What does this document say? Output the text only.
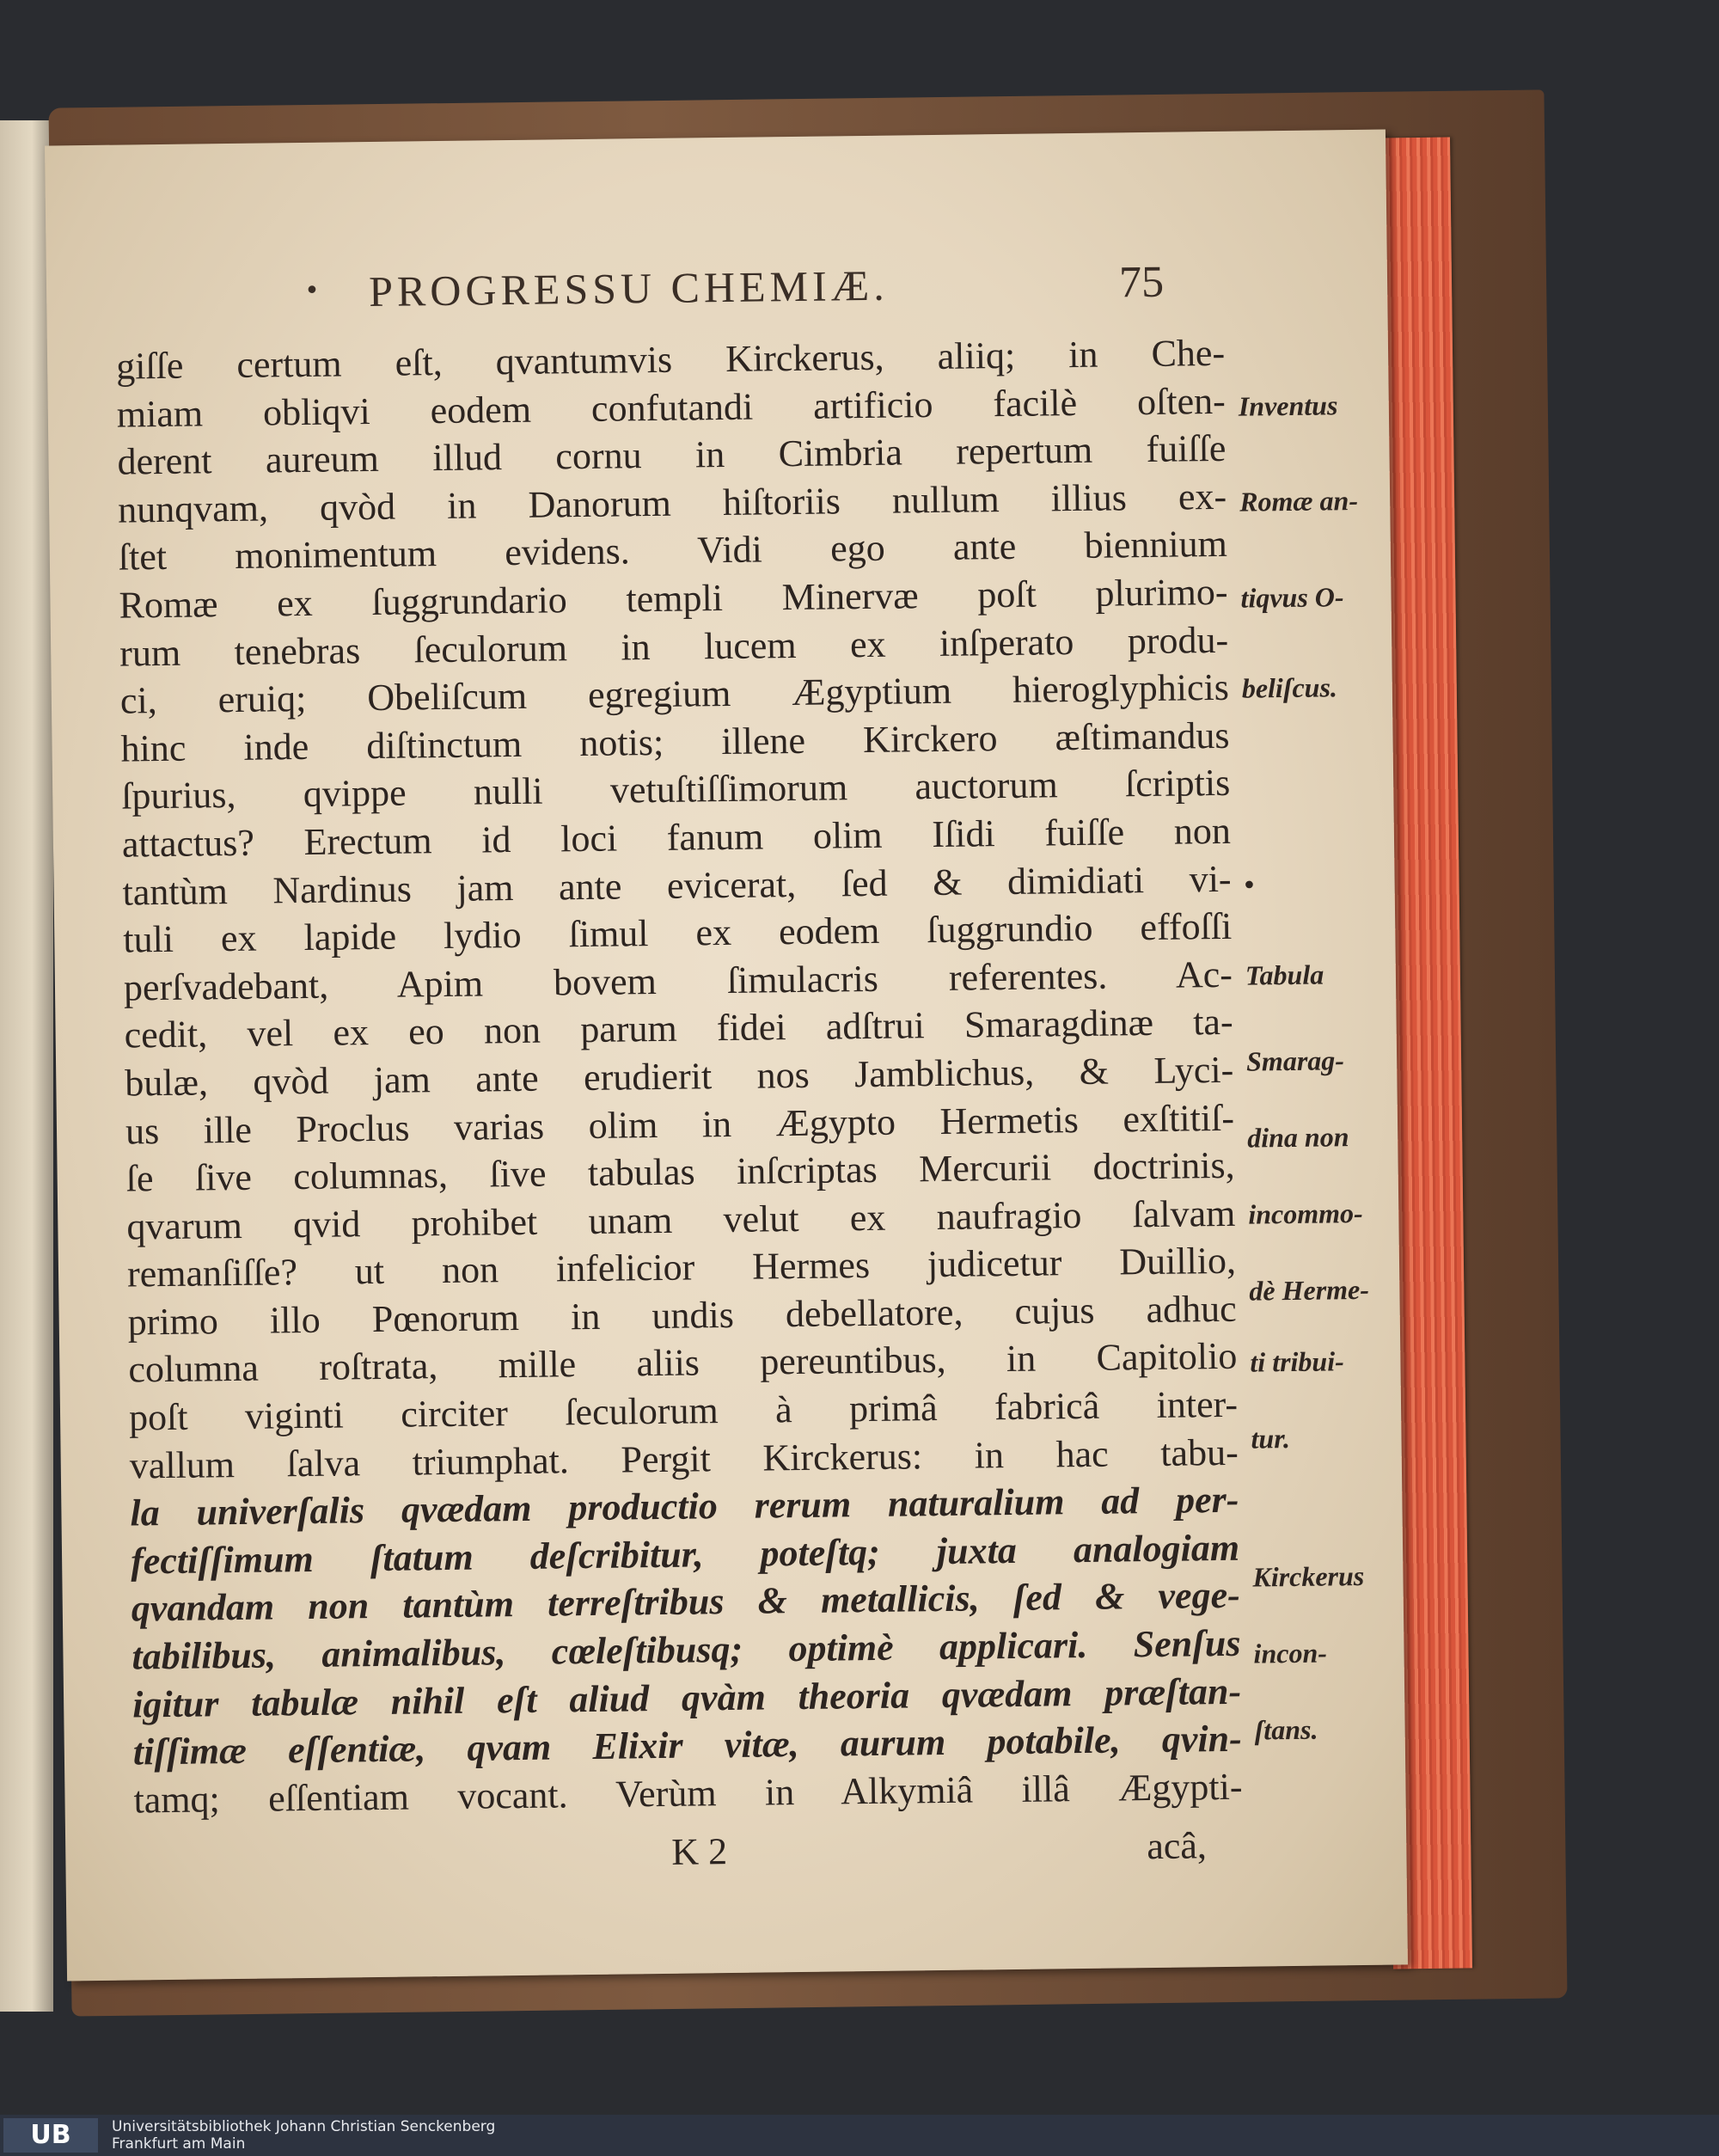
• PROGRESSU CHEMIÆ.	75
giſſe certum eſt, qvantumvis Kirckerus, aliiq; in Che-
miam obliqvi eodem confutandi artificio facilè oſten-
derent aureum illud cornu in Cimbria repertum fuiſſe
nunqvam, qvòd in Danorum hiſtoriis nullum illius ex-
ſtet monimentum evidens. Vidi ego ante biennium
Romæ ex ſuggrundario templi Minervæ poſt plurimo-
rum tenebras ſeculorum in lucem ex inſperato produ-
ci, eruiq; Obeliſcum egregium Ægyptium hieroglyphicis
hinc inde diſtinctum notis; illene Kirckero æſtimandus
ſpurius, qvippe nulli vetuſtiſſimorum auctorum ſcriptis
attactus? Erectum id loci fanum olim Iſidi fuiſſe non
tantùm Nardinus jam ante evicerat, ſed & dimidiati vi-
tuli ex lapide lydio ſimul ex eodem ſuggrundio effoſſi
perſvadebant, Apim bovem ſimulacris referentes. Ac-
cedit, vel ex eo non parum fidei adſtrui Smaragdinæ ta-
bulæ, qvòd jam ante erudierit nos Jamblichus, & Lyci-
us ille Proclus varias olim in Ægypto Hermetis exſtitiſ-
ſe ſive columnas, ſive tabulas inſcriptas Mercurii doctrinis,
qvarum qvid prohibet unam velut ex naufragio ſalvam
remanſiſſe? ut non infelicior Hermes judicetur Duillio,
primo illo Pœnorum in undis debellatore, cujus adhuc
columna roſtrata, mille aliis pereuntibus, in Capitolio
poſt viginti circiter ſeculorum à primâ fabricâ inter-
vallum ſalva triumphat. Pergit Kirckerus: in hac tabu-
la univerſalis qvædam productio rerum naturalium ad per-
fectiſſimum ſtatum deſcribitur, poteſtq; juxta analogiam
qvandam non tantùm terreſtribus & metallicis, ſed & vege-
tabilibus, animalibus, cœleſtibusq; optimè applicari. Senſus
igitur tabulæ nihil eſt aliud qvàm theoria qvædam præſtan-
tiſſimæ eſſentiæ, qvam Elixir vitæ, aurum potabile, qvin-
tamq; eſſentiam vocant. Verùm in Alkymiâ illâ Ægypti-
Inventus
Romæ an-
tiqvus O-
beliſcus.
•
Tabula
Smarag-
dina non
incommo-
dè Herme-
ti tribui-
tur.
Kirckerus
incon-
ſtans.
K 2	acâ,
UB	Universitätsbibliothek Johann Christian Senckenberg
Frankfurt am Main
